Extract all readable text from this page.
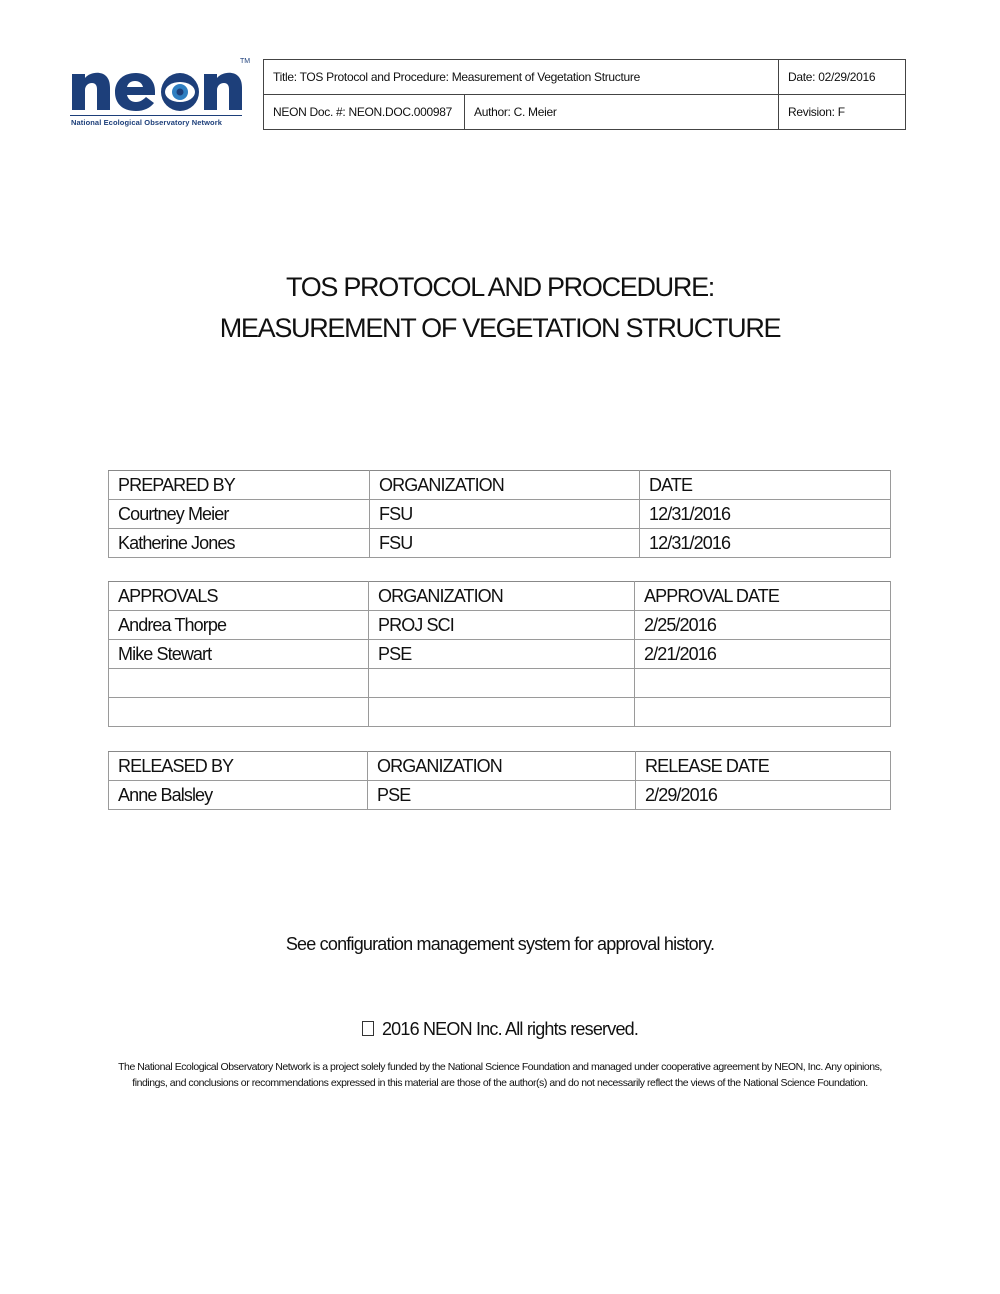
TM
National Ecological Observatory Network
Title: TOS Protocol and Procedure: Measurement of Vegetation Structure		Date: 02/29/2016
NEON Doc. #: NEON.DOC.000987	Author: C. Meier	Revision: F
TOS PROTOCOL AND PROCEDURE:
MEASUREMENT OF VEGETATION STRUCTURE
PREPARED BY	ORGANIZATION	DATE
Courtney Meier	FSU	12/31/2016
Katherine Jones	FSU	12/31/2016
APPROVALS	ORGANIZATION	APPROVAL DATE
Andrea Thorpe	PROJ SCI	2/25/2016
Mike Stewart	PSE	2/21/2016

RELEASED BY	ORGANIZATION	RELEASE DATE
Anne Balsley	PSE	2/29/2016
See configuration management system for approval history.
2016 NEON Inc. All rights reserved.
The National Ecological Observatory Network is a project solely funded by the National Science Foundation and managed under cooperative agreement by NEON, Inc. Any opinions, findings, and conclusions or recommendations expressed in this material are those of the author(s) and do not necessarily reflect the views of the National Science Foundation.
